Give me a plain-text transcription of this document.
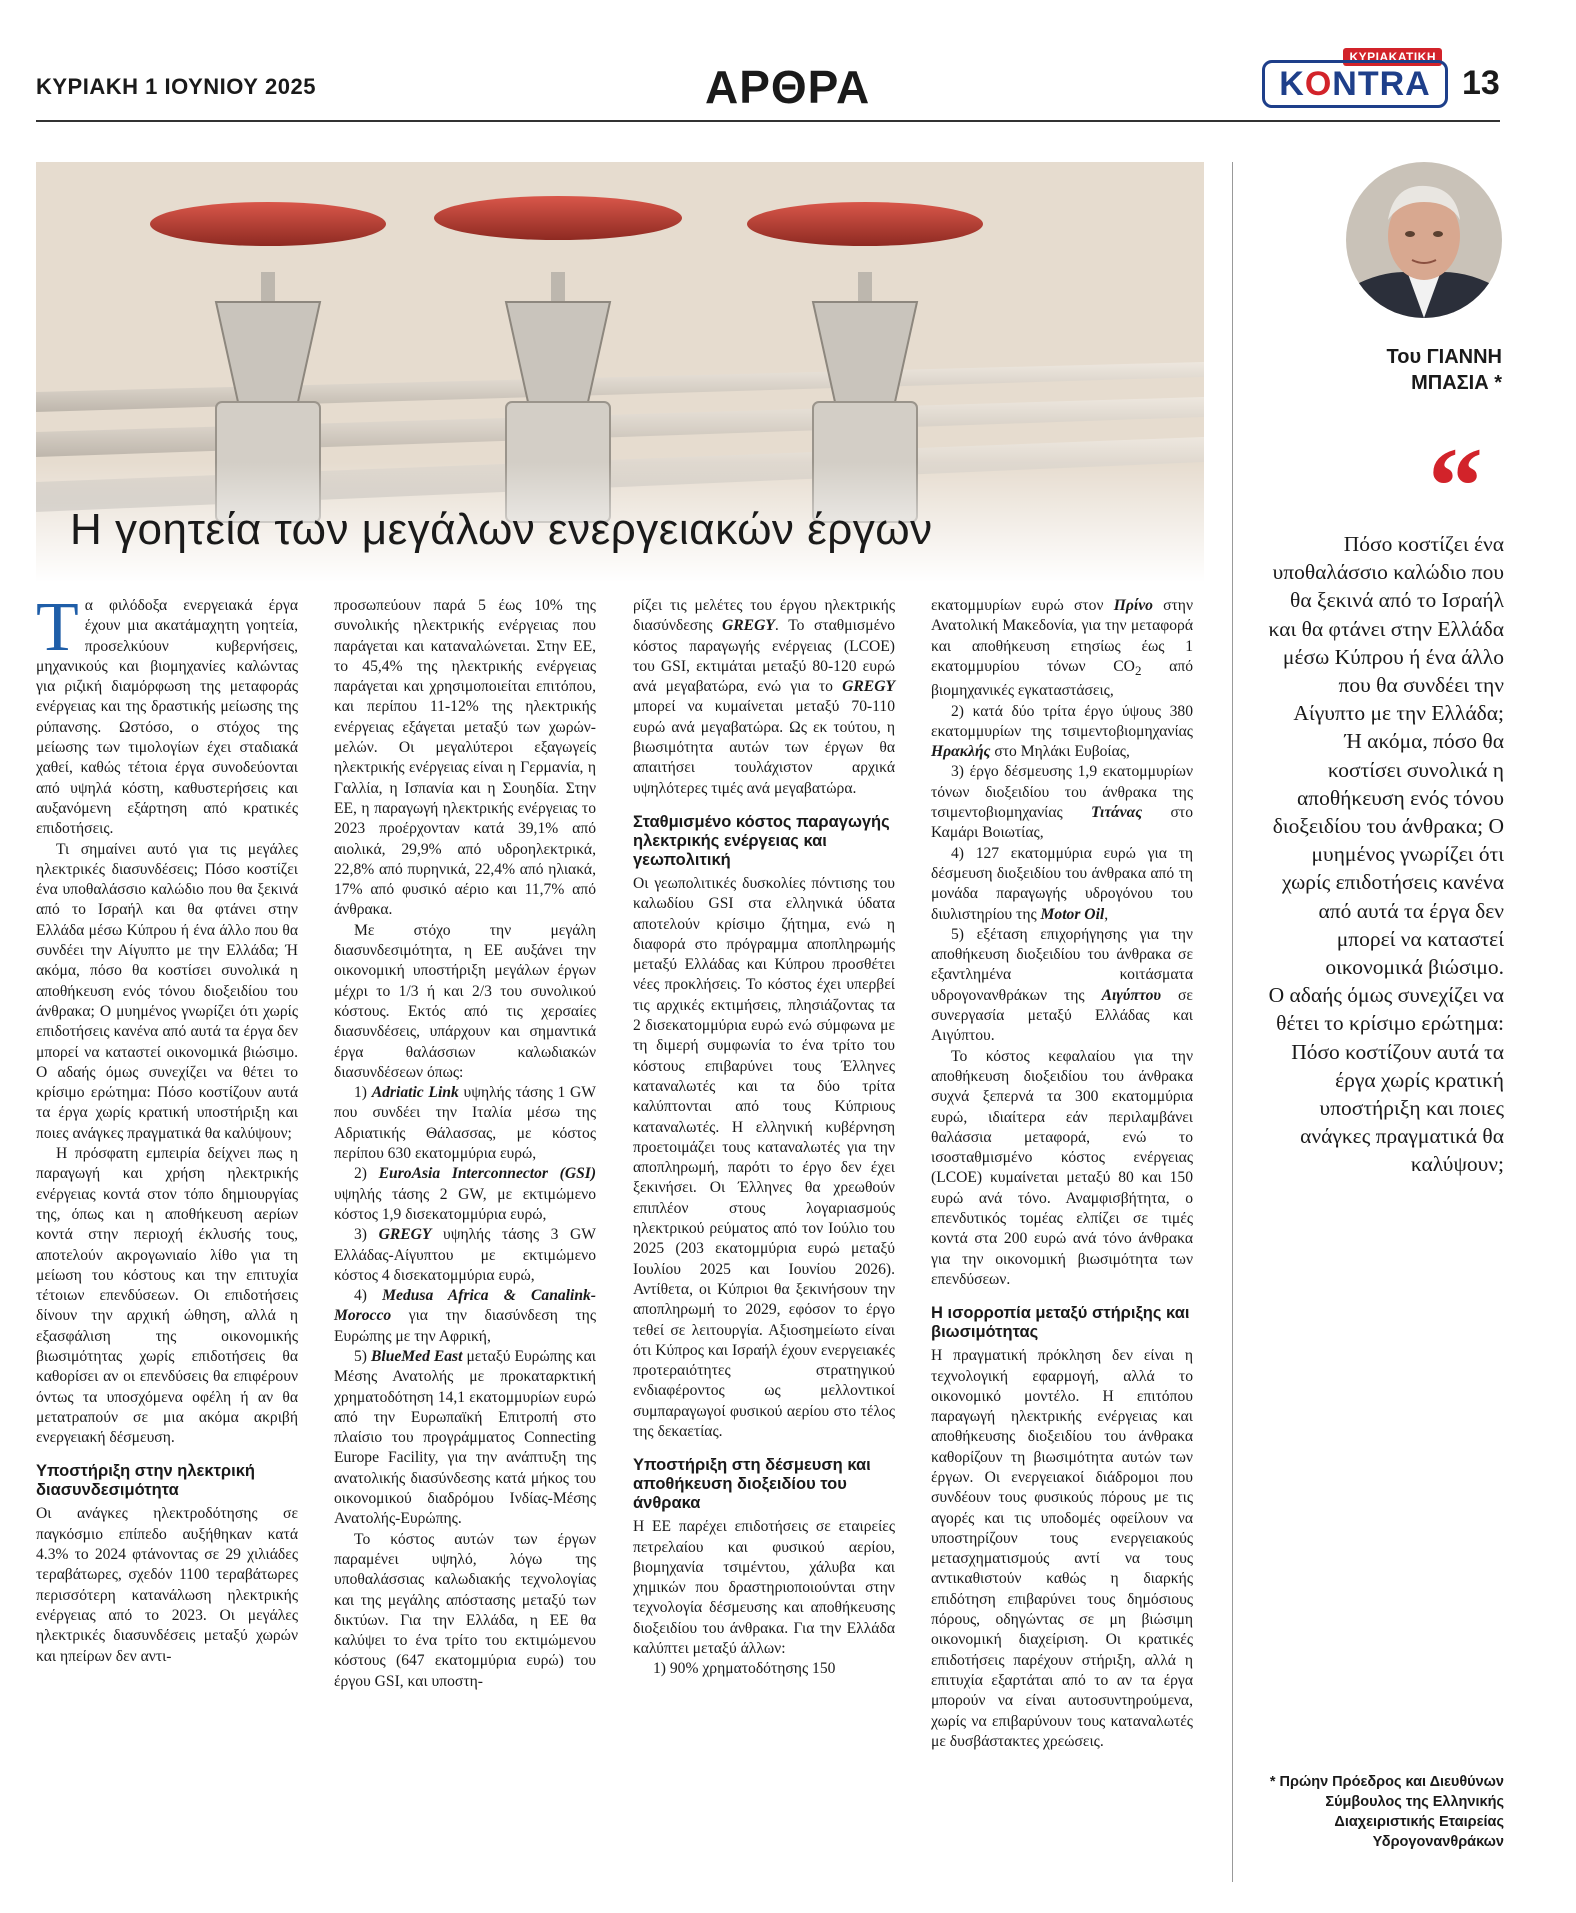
ΚΥΡΙΑΚΗ 1 ΙΟΥΝΙΟΥ 2025	ΑΡΘΡΑ
ΚΥΡΙΑΚΑΤΙΚΗ
K O NTRA 13
Η γοητεία των μεγάλων ενεργειακών έργων

Τα φιλόδοξα ενεργειακά έργα έχουν μια ακατάμαχητη γοητεία, προσελκύουν κυβερνήσεις, μηχανικούς και βιομηχανίες καλώντας για ριζική διαμόρφωση της μεταφοράς ενέργειας και της δραστικής μείωσης της ρύπανσης. Ωστόσο, ο στόχος της μείωσης των τιμολογίων έχει σταδιακά χαθεί, καθώς τέτοια έργα συνοδεύονται από υψηλά κόστη, καθυστερήσεις και αυξανόμενη εξάρτηση από κρατικές επιδοτήσεις.

Τι σημαίνει αυτό για τις μεγάλες ηλεκτρικές διασυνδέσεις; Πόσο κοστίζει ένα υποθαλάσσιο καλώδιο που θα ξεκινά από το Ισραήλ και θα φτάνει στην Ελλάδα μέσω Κύπρου ή ένα άλλο που θα συνδέει την Αίγυπτο με την Ελλάδα; Ή ακόμα, πόσο θα κοστίσει συνολικά η αποθήκευση ενός τόνου διοξειδίου του άνθρακα; Ο μυημένος γνωρίζει ότι χωρίς επιδοτήσεις κανένα από αυτά τα έργα δεν μπορεί να καταστεί οικονομικά βιώσιμο. Ο αδαής όμως συνεχίζει να θέτει το κρίσιμο ερώτημα: Πόσο κοστίζουν αυτά τα έργα χωρίς κρατική υποστήριξη και ποιες ανάγκες πραγματικά θα καλύψουν;

Η πρόσφατη εμπειρία δείχνει πως η παραγωγή και χρήση ηλεκτρικής ενέργειας κοντά στον τόπο δημιουργίας της, όπως και η αποθήκευση αερίων κοντά στην περιοχή έκλυσής τους, αποτελούν ακρογωνιαίο λίθο για τη μείωση του κόστους και την επιτυχία τέτοιων επενδύσεων. Οι επιδοτήσεις δίνουν την αρχική ώθηση, αλλά η εξασφάλιση της οικονομικής βιωσιμότητας χωρίς επιδοτήσεις θα καθορίσει αν οι επενδύσεις θα επιφέρουν όντως τα υποσχόμενα οφέλη ή αν θα μετατραπούν σε μια ακόμα ακριβή ενεργειακή δέσμευση.

Υποστήριξη στην ηλεκτρική διασυνδεσιμότητα

Οι ανάγκες ηλεκτροδότησης σε παγκόσμιο επίπεδο αυξήθηκαν κατά 4.3% το 2024 φτάνοντας σε 29 χιλιάδες τεραβάτωρες, σχεδόν 1100 τεραβάτωρες περισσότερη κατανάλωση ηλεκτρικής ενέργειας από το 2023. Οι μεγάλες ηλεκτρικές διασυνδέσεις μεταξύ χωρών και ηπείρων δεν αντι-

προσωπεύουν παρά 5 έως 10% της συνολικής ηλεκτρικής ενέργειας που παράγεται και καταναλώνεται. Στην ΕΕ, το 45,4% της ηλεκτρικής ενέργειας παράγεται και χρησιμοποιείται επιτόπου, και περίπου 11-12% της ηλεκτρικής ενέργειας εξάγεται μεταξύ των χωρών-μελών. Οι μεγαλύτεροι εξαγωγείς ηλεκτρικής ενέργειας είναι η Γερμανία, η Γαλλία, η Ισπανία και η Σουηδία. Στην ΕΕ, η παραγωγή ηλεκτρικής ενέργειας το 2023 προέρχονταν κατά 39,1% από αιολικά, 29,9% από υδροηλεκτρικά, 22,8% από πυρηνικά, 22,4% από ηλιακά, 17% από φυσικό αέριο και 11,7% από άνθρακα.

Με στόχο την μεγάλη διασυνδεσιμότητα, η ΕΕ αυξάνει την οικονομική υποστήριξη μεγάλων έργων μέχρι το 1/3 ή και 2/3 του συνολικού κόστους. Εκτός από τις χερσαίες διασυνδέσεις, υπάρχουν και σημαντικά έργα θαλάσσιων καλωδιακών διασυνδέσεων όπως:

1) Adriatic Link υψηλής τάσης 1 GW που συνδέει την Ιταλία μέσω της Αδριατικής Θάλασσας, με κόστος περίπου 630 εκατομμύρια ευρώ,

2) EuroAsia Interconnector (GSI) υψηλής τάσης 2 GW, με εκτιμώμενο κόστος 1,9 δισεκατομμύρια ευρώ,

3) GREGY υψηλής τάσης 3 GW Ελλάδας-Αίγυπτου με εκτιμώμενο κόστος 4 δισεκατομμύρια ευρώ,

4) Medusa Africa & Canalink-Morocco για την διασύνδεση της Ευρώπης με την Αφρική,

5) BlueMed East μεταξύ Ευρώπης και Μέσης Ανατολής με προκαταρκτική χρηματοδότηση 14,1 εκατομμυρίων ευρώ από την Ευρωπαϊκή Επιτροπή στο πλαίσιο του προγράμματος Connecting Europe Facility, για την ανάπτυξη της ανατολικής διασύνδεσης κατά μήκος του οικονομικού διαδρόμου Ινδίας-Μέσης Ανατολής-Ευρώπης.

Το κόστος αυτών των έργων παραμένει υψηλό, λόγω της υποθαλάσσιας καλωδιακής τεχνολογίας και της μεγάλης απόστασης μεταξύ των δικτύων. Για την Ελλάδα, η ΕΕ θα καλύψει το ένα τρίτο του εκτιμώμενου κόστους (647 εκατομμύρια ευρώ) του έργου GSI, και υποστη-

ρίζει τις μελέτες του έργου ηλεκτρικής διασύνδεσης GREGY. Το σταθμισμένο κόστος παραγωγής ενέργειας (LCOE) του GSI, εκτιμάται μεταξύ 80-120 ευρώ ανά μεγαβατώρα, ενώ για το GREGY μπορεί να κυμαίνεται μεταξύ 70-110 ευρώ ανά μεγαβατώρα. Ως εκ τούτου, η βιωσιμότητα αυτών των έργων θα απαιτήσει τουλάχιστον αρχικά υψηλότερες τιμές ανά μεγαβατώρα.

Σταθμισμένο κόστος παραγωγής ηλεκτρικής ενέργειας και γεωπολιτική

Οι γεωπολιτικές δυσκολίες πόντισης του καλωδίου GSI στα ελληνικά ύδατα αποτελούν κρίσιμο ζήτημα, ενώ η διαφορά στο πρόγραμμα αποπληρωμής μεταξύ Ελλάδας και Κύπρου προσθέτει νέες προκλήσεις. Το κόστος έχει υπερβεί τις αρχικές εκτιμήσεις, πλησιάζοντας τα 2 δισεκατομμύρια ευρώ ενώ σύμφωνα με τη διμερή συμφωνία το ένα τρίτο του κόστους επιβαρύνει τους Έλληνες καταναλωτές και τα δύο τρίτα καλύπτονται από τους Κύπριους καταναλωτές. Η ελληνική κυβέρνηση προετοιμάζει τους καταναλωτές για την αποπληρωμή, παρότι το έργο δεν έχει ξεκινήσει. Οι Έλληνες θα χρεωθούν επιπλέον στους λογαριασμούς ηλεκτρικού ρεύματος από τον Ιούλιο του 2025 (203 εκατομμύρια ευρώ μεταξύ Ιουλίου 2025 και Ιουνίου 2026). Αντίθετα, οι Κύπριοι θα ξεκινήσουν την αποπληρωμή το 2029, εφόσον το έργο τεθεί σε λειτουργία. Αξιοσημείωτο είναι ότι Κύπρος και Ισραήλ έχουν ενεργειακές προτεραιότητες στρατηγικού ενδιαφέροντος ως μελλοντικοί συμπαραγωγοί φυσικού αερίου στο τέλος της δεκαετίας.

Υποστήριξη στη δέσμευση και αποθήκευση διοξειδίου του άνθρακα

Η ΕΕ παρέχει επιδοτήσεις σε εταιρείες πετρελαίου και φυσικού αερίου, βιομηχανία τσιμέντου, χάλυβα και χημικών που δραστηριοποιούνται στην τεχνολογία δέσμευσης και αποθήκευσης διοξειδίου του άνθρακα. Για την Ελλάδα καλύπτει μεταξύ άλλων:

1) 90% χρηματοδότησης 150

εκατομμυρίων ευρώ στον Πρίνο στην Ανατολική Μακεδονία, για την μεταφορά και αποθήκευση ετησίως έως 1 εκατομμυρίου τόνων $CO_2$ από βιομηχανικές εγκαταστάσεις,

2) κατά δύο τρίτα έργο ύψους 380 εκατομμυρίων της τσιμεντοβιομηχανίας Ηρακλής στο Μηλάκι Ευβοίας,

3) έργο δέσμευσης 1,9 εκατομμυρίων τόνων διοξειδίου του άνθρακα της τσιμεντοβιομηχανίας Τιτάνας στο Καμάρι Βοιωτίας,

4) 127 εκατομμύρια ευρώ για τη δέσμευση διοξειδίου του άνθρακα από τη μονάδα παραγωγής υδρογόνου του διυλιστηρίου της Motor Oil,

5) εξέταση επιχορήγησης για την αποθήκευση διοξειδίου του άνθρακα σε εξαντλημένα κοιτάσματα υδρογονανθράκων της Αιγύπτου σε συνεργασία μεταξύ Ελλάδας και Αιγύπτου.

Το κόστος κεφαλαίου για την αποθήκευση διοξειδίου του άνθρακα συχνά ξεπερνά τα 300 εκατομμύρια ευρώ, ιδιαίτερα εάν περιλαμβάνει θαλάσσια μεταφορά, ενώ το ισοσταθμισμένο κόστος ενέργειας (LCOE) κυμαίνεται μεταξύ 80 και 150 ευρώ ανά τόνο. Αναμφισβήτητα, ο επενδυτικός τομέας ελπίζει σε τιμές κοντά στα 200 ευρώ ανά τόνο άνθρακα για την οικονομική βιωσιμότητα των επενδύσεων.

Η ισορροπία μεταξύ στήριξης και βιωσιμότητας

Η πραγματική πρόκληση δεν είναι η τεχνολογική εφαρμογή, αλλά το οικονομικό μοντέλο. Η επιτόπου παραγωγή ηλεκτρικής ενέργειας και αποθήκευσης διοξειδίου του άνθρακα καθορίζουν τη βιωσιμότητα αυτών των έργων. Οι ενεργειακοί διάδρομοι που συνδέουν τους φυσικούς πόρους με τις αγορές και τις υποδομές οφείλουν να υποστηρίζουν τους ενεργειακούς μετασχηματισμούς αντί να τους αντικαθιστούν καθώς η διαρκής επιδότηση επιβαρύνει τους δημόσιους πόρους, οδηγώντας σε μη βιώσιμη οικονομική διαχείριση. Οι κρατικές επιδοτήσεις παρέχουν στήριξη, αλλά η επιτυχία εξαρτάται από το αν τα έργα μπορούν να είναι αυτοσυντηρούμενα, χωρίς να επιβαρύνουν τους καταναλωτές με δυσβάστακτες χρεώσεις.

Του ΓΙΑΝΝΗ
ΜΠΑΣΙΑ *
“
Πόσο κοστίζει ένα υποθαλάσσιο καλώδιο που θα ξεκινά από το Ισραήλ και θα φτάνει στην Ελλάδα μέσω Κύπρου ή ένα άλλο που θα συνδέει την Αίγυπτο με την Ελλάδα;
Ή ακόμα, πόσο θα κοστίσει συνολικά η αποθήκευση ενός τόνου διοξειδίου του άνθρακα; Ο μυημένος γνωρίζει ότι χωρίς επιδοτήσεις κανένα από αυτά τα έργα δεν μπορεί να καταστεί οικονομικά βιώσιμο.
Ο αδαής όμως συνεχίζει να θέτει το κρίσιμο ερώτημα: Πόσο κοστίζουν αυτά τα έργα χωρίς κρατική υποστήριξη και ποιες ανάγκες πραγματικά θα καλύψουν;
* Πρώην Πρόεδρος και Διευθύνων Σύμβουλος της Ελληνικής Διαχειριστικής Εταιρείας Υδρογονανθράκων
